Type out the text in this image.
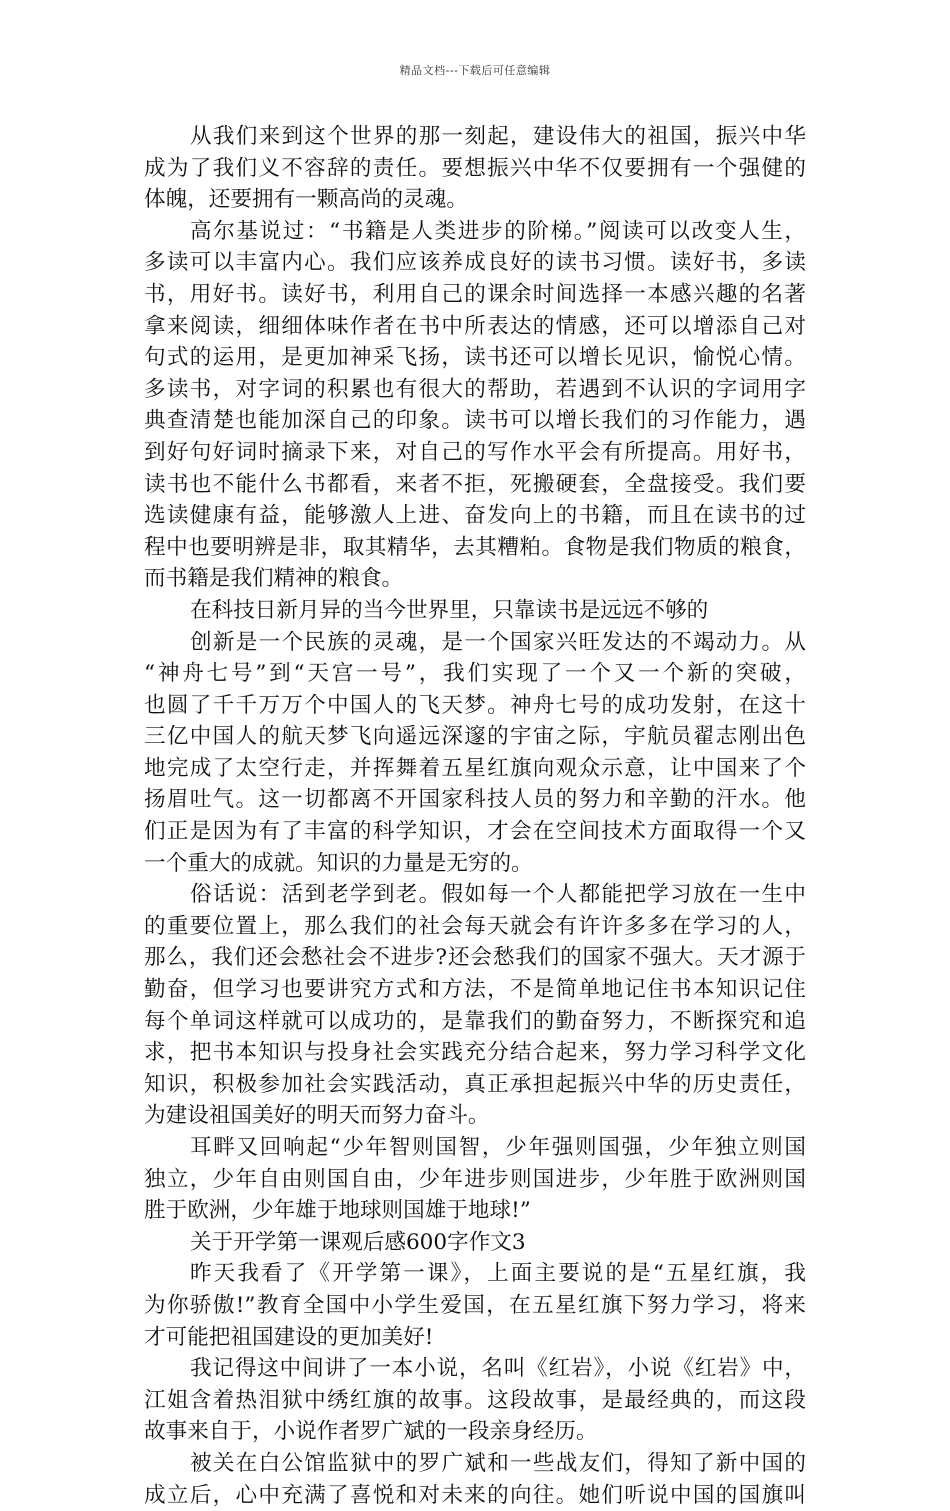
精品文档---下载后可任意编辑
从我们来到这个世界的那一刻起，建设伟大的祖国，振兴中华
成为了我们义不容辞的责任。要想振兴中华不仅要拥有一个强健的
体魄，还要拥有一颗高尚的灵魂。
高尔基说过：“书籍是人类进步的阶梯。”阅读可以改变人生，
多读可以丰富内心。我们应该养成良好的读书习惯。读好书，多读
书，用好书。读好书，利用自己的课余时间选择一本感兴趣的名著
拿来阅读，细细体味作者在书中所表达的情感，还可以增添自己对
句式的运用，是更加神采飞扬，读书还可以增长见识，愉悦心情。
多读书，对字词的积累也有很大的帮助，若遇到不认识的字词用字
典查清楚也能加深自己的印象。读书可以增长我们的习作能力，遇
到好句好词时摘录下来，对自己的写作水平会有所提高。用好书，
读书也不能什么书都看，来者不拒，死搬硬套，全盘接受。我们要
选读健康有益，能够激人上进、奋发向上的书籍，而且在读书的过
程中也要明辨是非，取其精华，去其糟粕。食物是我们物质的粮食，
而书籍是我们精神的粮食。
在科技日新月异的当今世界里，只靠读书是远远不够的
创新是一个民族的灵魂，是一个国家兴旺发达的不竭动力。从
“神舟七号”到“天宫一号”，我们实现了一个又一个新的突破，
也圆了千千万万个中国人的飞天梦。神舟七号的成功发射，在这十
三亿中国人的航天梦飞向遥远深邃的宇宙之际，宇航员翟志刚出色
地完成了太空行走，并挥舞着五星红旗向观众示意，让中国来了个
扬眉吐气。这一切都离不开国家科技人员的努力和辛勤的汗水。他
们正是因为有了丰富的科学知识，才会在空间技术方面取得一个又
一个重大的成就。知识的力量是无穷的。
俗话说：活到老学到老。假如每一个人都能把学习放在一生中
的重要位置上，那么我们的社会每天就会有许许多多在学习的人，
那么，我们还会愁社会不进步?还会愁我们的国家不强大。天才源于
勤奋，但学习也要讲究方式和方法，不是简单地记住书本知识记住
每个单词这样就可以成功的，是靠我们的勤奋努力，不断探究和追
求，把书本知识与投身社会实践充分结合起来，努力学习科学文化
知识，积极参加社会实践活动，真正承担起振兴中华的历史责任，
为建设祖国美好的明天而努力奋斗。
耳畔又回响起“少年智则国智，少年强则国强，少年独立则国
独立，少年自由则国自由，少年进步则国进步，少年胜于欧洲则国
胜于欧洲，少年雄于地球则国雄于地球!”
关于开学第一课观后感600字作文3
昨天我看了《开学第一课》，上面主要说的是“五星红旗，我
为你骄傲!”教育全国中小学生爱国，在五星红旗下努力学习，将来
才可能把祖国建设的更加美好!
我记得这中间讲了一本小说，名叫《红岩》，小说《红岩》中，
江姐含着热泪狱中绣红旗的故事。这段故事，是最经典的，而这段
故事来自于，小说作者罗广斌的一段亲身经历。
被关在白公馆监狱中的罗广斌和一些战友们，得知了新中国的
成立后，心中充满了喜悦和对未来的向往。她们听说中国的国旗叫
